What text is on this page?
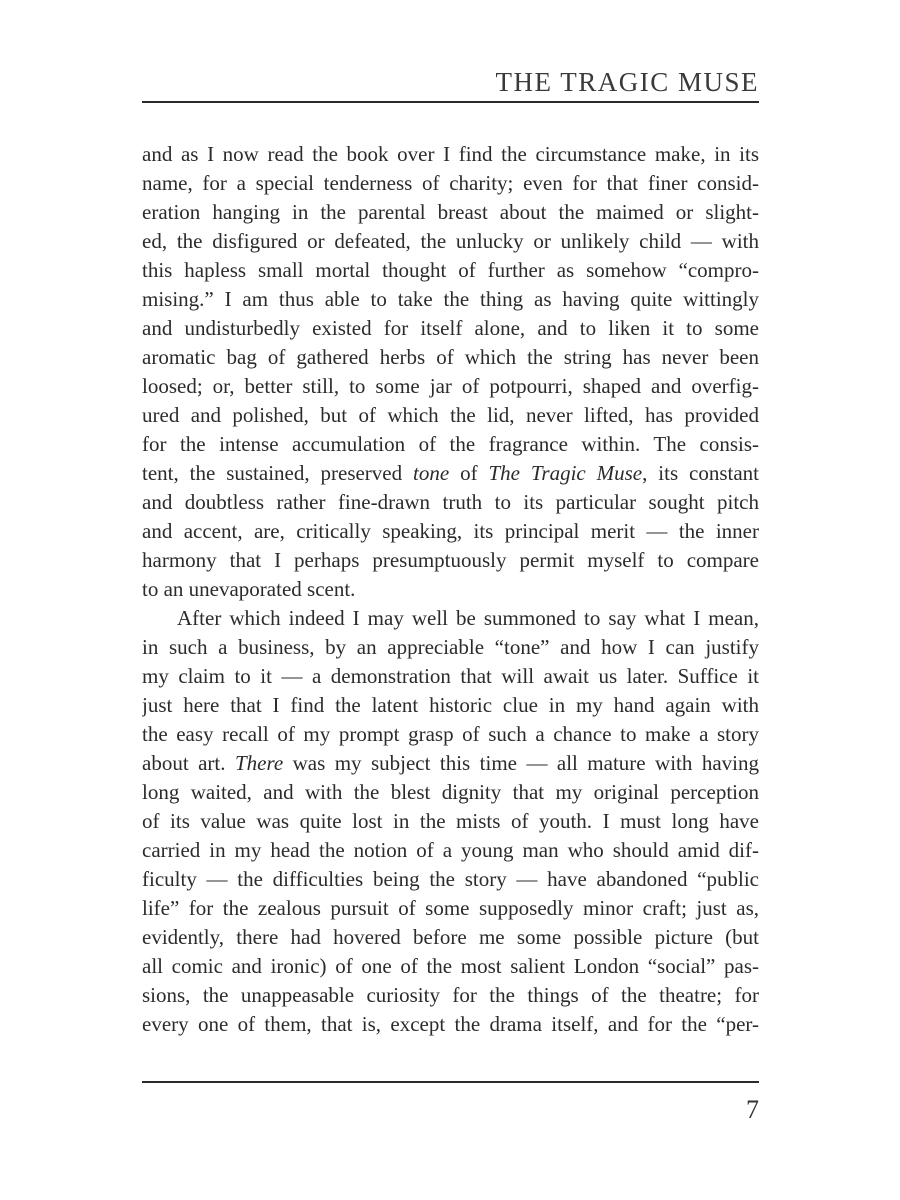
THE TRAGIC MUSE
and as I now read the book over I find the circumstance make, in its
name, for a special tenderness of charity; even for that finer consid-
eration hanging in the parental breast about the maimed or slight-
ed, the disfigured or defeated, the unlucky or unlikely child — with
this hapless small mortal thought of further as somehow “compro-
mising.” I am thus able to take the thing as having quite wittingly
and undisturbedly existed for itself alone, and to liken it to some
aromatic bag of gathered herbs of which the string has never been
loosed; or, better still, to some jar of potpourri, shaped and overfig-
ured and polished, but of which the lid, never lifted, has provided
for the intense accumulation of the fragrance within. The consis-
tent, the sustained, preserved tone of The Tragic Muse, its constant
and doubtless rather fine-drawn truth to its particular sought pitch
and accent, are, critically speaking, its principal merit — the inner
harmony that I perhaps presumptuously permit myself to compare
to an unevaporated scent.
After which indeed I may well be summoned to say what I mean,
in such a business, by an appreciable “tone” and how I can justify
my claim to it — a demonstration that will await us later. Suffice it
just here that I find the latent historic clue in my hand again with
the easy recall of my prompt grasp of such a chance to make a story
about art. There was my subject this time — all mature with having
long waited, and with the blest dignity that my original perception
of its value was quite lost in the mists of youth. I must long have
carried in my head the notion of a young man who should amid dif-
ficulty — the difficulties being the story — have abandoned “public
life” for the zealous pursuit of some supposedly minor craft; just as,
evidently, there had hovered before me some possible picture (but
all comic and ironic) of one of the most salient London “social” pas-
sions, the unappeasable curiosity for the things of the theatre; for
every one of them, that is, except the drama itself, and for the “per-
7
